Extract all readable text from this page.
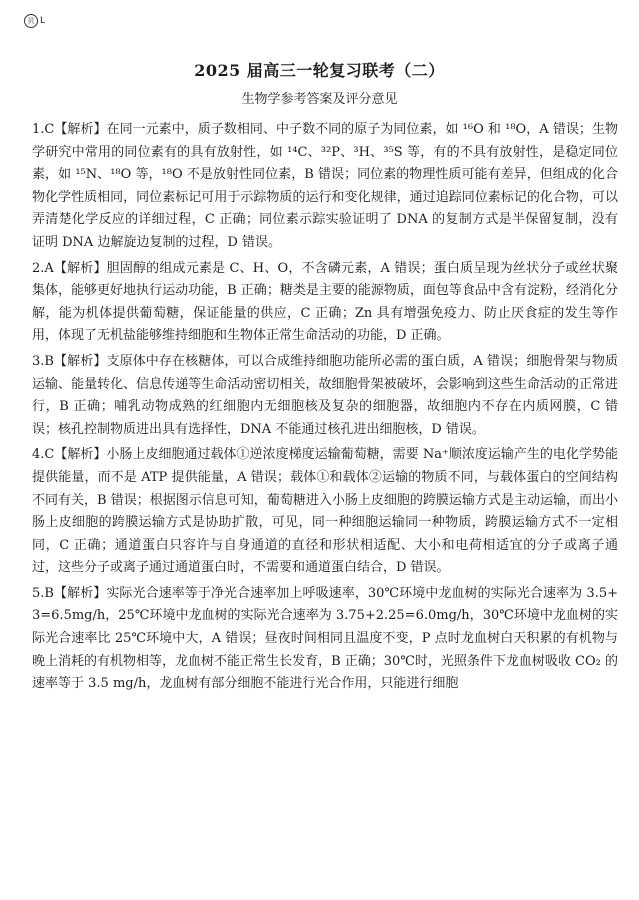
贝 L
2025 届高三一轮复习联考（二）
生物学参考答案及评分意见

1.C【解析】在同一元素中，质子数相同、中子数不同的原子为同位素，如 ¹⁶O 和 ¹⁸O，A 错误；生物学研究中常用的同位素有的具有放射性，如 ¹⁴C、³²P、³H、³⁵S 等，有的不具有放射性，是稳定同位素，如 ¹⁵N、¹⁸O 等，¹⁸O 不是放射性同位素，B 错误；同位素的物理性质可能有差异，但组成的化合物化学性质相同，同位素标记可用于示踪物质的运行和变化规律，通过追踪同位素标记的化合物，可以弄清楚化学反应的详细过程，C 正确；同位素示踪实验证明了 DNA 的复制方式是半保留复制，没有证明 DNA 边解旋边复制的过程，D 错误。

2.A【解析】胆固醇的组成元素是 C、H、O，不含磷元素，A 错误；蛋白质呈现为丝状分子或丝状聚集体，能够更好地执行运动功能，B 正确；糖类是主要的能源物质，面包等食品中含有淀粉，经消化分解，能为机体提供葡萄糖，保证能量的供应，C 正确；Zn 具有增强免疫力、防止厌食症的发生等作用，体现了无机盐能够维持细胞和生物体正常生命活动的功能，D 正确。

3.B【解析】支原体中存在核糖体，可以合成维持细胞功能所必需的蛋白质，A 错误；细胞骨架与物质运输、能量转化、信息传递等生命活动密切相关，故细胞骨架被破坏，会影响到这些生命活动的正常进行，B 正确；哺乳动物成熟的红细胞内无细胞核及复杂的细胞器，故细胞内不存在内质网膜，C 错误；核孔控制物质进出具有选择性，DNA 不能通过核孔进出细胞核，D 错误。

4.C【解析】小肠上皮细胞通过载体①逆浓度梯度运输葡萄糖，需要 Na⁺顺浓度运输产生的电化学势能提供能量，而不是 ATP 提供能量，A 错误；载体①和载体②运输的物质不同，与载体蛋白的空间结构不同有关，B 错误；根据图示信息可知，葡萄糖进入小肠上皮细胞的跨膜运输方式是主动运输，而出小肠上皮细胞的跨膜运输方式是协助扩散，可见，同一种细胞运输同一种物质，跨膜运输方式不一定相同，C 正确；通道蛋白只容许与自身通道的直径和形状相适配、大小和电荷相适宜的分子或离子通过，这些分子或离子通过通道蛋白时，不需要和通道蛋白结合，D 错误。

5.B【解析】实际光合速率等于净光合速率加上呼吸速率，30℃环境中龙血树的实际光合速率为 3.5+3=6.5mg/h，25℃环境中龙血树的实际光合速率为 3.75+2.25=6.0mg/h，30℃环境中龙血树的实际光合速率比 25℃环境中大，A 错误；昼夜时间相同且温度不变，P 点时龙血树白天积累的有机物与晚上消耗的有机物相等，龙血树不能正常生长发育，B 正确；30℃时，光照条件下龙血树吸收 CO₂ 的速率等于 3.5 mg/h，龙血树有部分细胞不能进行光合作用，只能进行细胞
